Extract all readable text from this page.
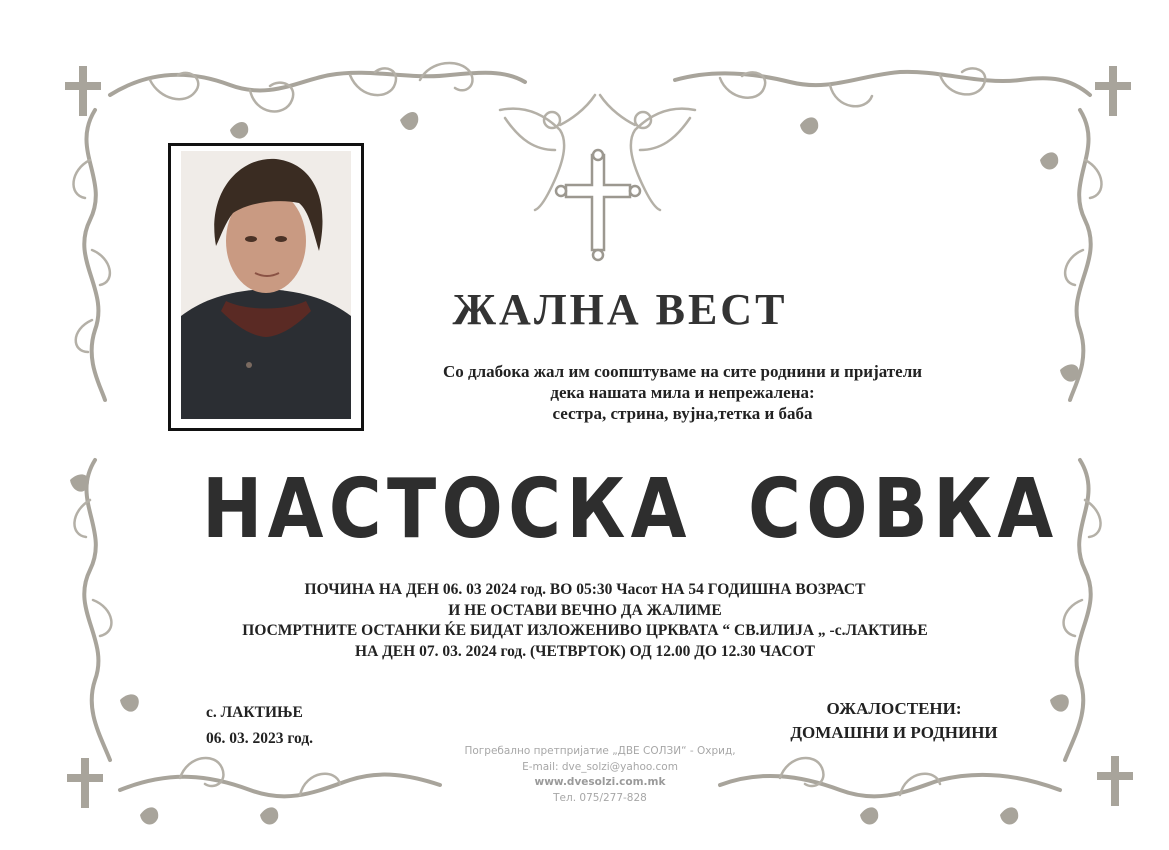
ЖАЛНА ВЕСТ
Со длабока жал им соопштуваме на сите роднини и пријатели
дека нашата мила и непрежалена:
сестра, стрина, вујна,тетка и баба
НАСТОСКА СОВКА
ПОЧИНА НА ДЕН 06. 03 2024 год. ВО 05:30 Часот НА 54 ГОДИШНА ВОЗРАСТ
И НЕ ОСТАВИ ВЕЧНО ДА ЖАЛИМЕ
ПОСМРТНИТЕ ОСТАНКИ ЌЕ БИДАТ ИЗЛОЖЕНИВО ЦРКВАТА “ СВ.ИЛИЈА „ -с.ЛАКТИЊЕ
НА ДЕН 07. 03. 2024 год. (ЧЕТВРТОК) ОД 12.00 ДО 12.30 ЧАСОТ
с. ЛАКТИЊЕ
06. 03. 2023 год.
ОЖАЛОСТЕНИ:
ДОМАШНИ И РОДНИНИ
Погребално претпријатие „ДВЕ СОЛЗИ“ - Охрид,
E-mail: dve_solzi@yahoo.com
www.dvesolzi.com.mk
Тел. 075/277-828
